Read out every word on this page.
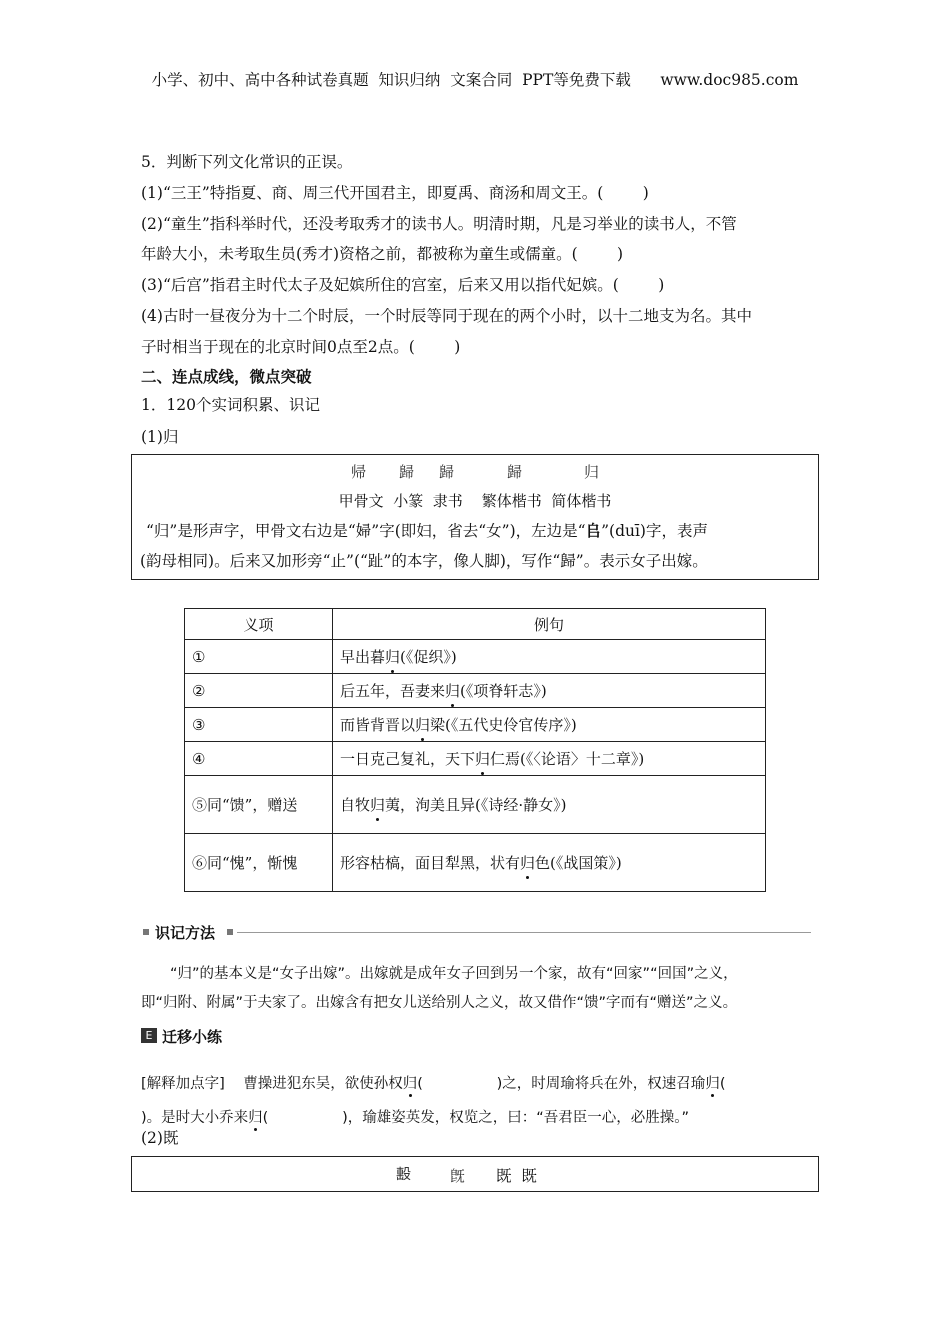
小学、初中、高中各种试卷真题  知识归纳  文案合同  PPT等免费下载      www.doc985.com
5．判断下列文化常识的正误。
(1)“三王”特指夏、商、周三代开国君主，即夏禹、商汤和周文王。(        )
(2)“童生”指科举时代，还没考取秀才的读书人。明清时期，凡是习举业的读书人，不管
年龄大小，未考取生员(秀才)资格之前，都被称为童生或儒童。(        )
(3)“后宫”指君主时代太子及妃嫔所住的宫室，后来又用以指代妃嫔。(        )
(4)古时一昼夜分为十二个时辰，一个时辰等同于现在的两个小时，以十二地支为名。其中
子时相当于现在的北京时间0点至2点。(        )
二、连点成线，微点突破
1．120个实词积累、识记
(1)归
帰 歸 歸	歸	归
甲骨文  小篆  隶书    繁体楷书  简体楷书
“归”是形声字，甲骨文右边是“婦”字(即妇，省去“女”)，左边是“𠂤”(duī)字，表声
(韵母相同)。后来又加形旁“止”(“趾”的本字，像人脚)，写作“歸”。表示女子出嫁。
义项	例句
①	早出暮归(《促织》)
②	后五年，吾妻来归(《项脊轩志》)
③	而皆背晋以归梁(《五代史伶官传序》)
④	一日克己复礼，天下归仁焉(《〈论语〉十二章》)
⑤同“馈”，赠送	自牧归荑，洵美且异(《诗经·静女》)
⑥同“愧”，惭愧	形容枯槁，面目犁黑，状有归色(《战国策》)
识记方法
“归”的基本义是“女子出嫁”。出嫁就是成年女子回到另一个家，故有“回家”“回国”之义，
即“归附、附属”于夫家了。出嫁含有把女儿送给别人之义，故又借作“馈”字而有“赠送”之义。
E 迁移小练

[解释加点字]    曹操进犯东吴，欲使孙权归(                )之，时周瑜将兵在外，权速召瑜归(

)。是时大小乔来归(                )，瑜雄姿英发，权览之，曰：“吾君臣一心，必胜操。”
(2)既
𣪠	旣 既  既
